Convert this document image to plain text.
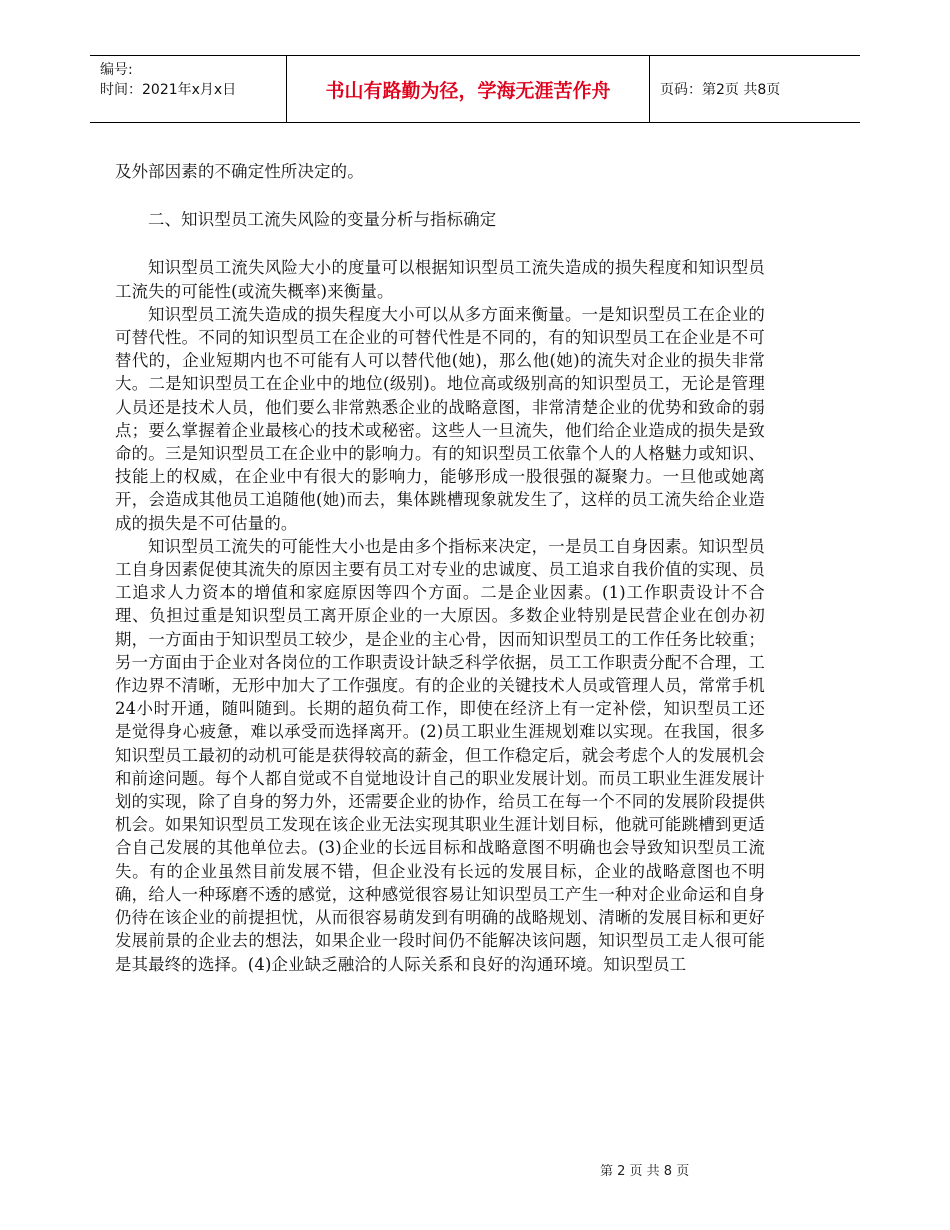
编号:
时间：2021年x月x日	书山有路勤为径，学海无涯苦作舟	页码：第2页 共8页

及外部因素的不确定性所决定的。

二、知识型员工流失风险的变量分析与指标确定

知识型员工流失风险大小的度量可以根据知识型员工流失造成的损失程度和知识型员工流失的可能性(或流失概率)来衡量。

知识型员工流失造成的损失程度大小可以从多方面来衡量。一是知识型员工在企业的可替代性。不同的知识型员工在企业的可替代性是不同的，有的知识型员工在企业是不可替代的，企业短期内也不可能有人可以替代他(她)，那么他(她)的流失对企业的损失非常大。二是知识型员工在企业中的地位(级别)。地位高或级别高的知识型员工，无论是管理人员还是技术人员，他们要么非常熟悉企业的战略意图，非常清楚企业的优势和致命的弱点；要么掌握着企业最核心的技术或秘密。这些人一旦流失，他们给企业造成的损失是致命的。三是知识型员工在企业中的影响力。有的知识型员工依靠个人的人格魅力或知识、技能上的权威，在企业中有很大的影响力，能够形成一股很强的凝聚力。一旦他或她离开，会造成其他员工追随他(她)而去，集体跳槽现象就发生了，这样的员工流失给企业造成的损失是不可估量的。

知识型员工流失的可能性大小也是由多个指标来决定，一是员工自身因素。知识型员工自身因素促使其流失的原因主要有员工对专业的忠诚度、员工追求自我价值的实现、员工追求人力资本的增值和家庭原因等四个方面。二是企业因素。(1)工作职责设计不合理、负担过重是知识型员工离开原企业的一大原因。多数企业特别是民营企业在创办初期，一方面由于知识型员工较少，是企业的主心骨，因而知识型员工的工作任务比较重；另一方面由于企业对各岗位的工作职责设计缺乏科学依据，员工工作职责分配不合理，工作边界不清晰，无形中加大了工作强度。有的企业的关键技术人员或管理人员，常常手机24小时开通，随叫随到。长期的超负荷工作，即使在经济上有一定补偿，知识型员工还是觉得身心疲惫，难以承受而选择离开。(2)员工职业生涯规划难以实现。在我国，很多知识型员工最初的动机可能是获得较高的薪金，但工作稳定后，就会考虑个人的发展机会和前途问题。每个人都自觉或不自觉地设计自己的职业发展计划。而员工职业生涯发展计划的实现，除了自身的努力外，还需要企业的协作，给员工在每一个不同的发展阶段提供机会。如果知识型员工发现在该企业无法实现其职业生涯计划目标，他就可能跳槽到更适合自己发展的其他单位去。(3)企业的长远目标和战略意图不明确也会导致知识型员工流失。有的企业虽然目前发展不错，但企业没有长远的发展目标，企业的战略意图也不明确，给人一种琢磨不透的感觉，这种感觉很容易让知识型员工产生一种对企业命运和自身仍待在该企业的前提担忧，从而很容易萌发到有明确的战略规划、清晰的发展目标和更好发展前景的企业去的想法，如果企业一段时间仍不能解决该问题，知识型员工走人很可能是其最终的选择。(4)企业缺乏融洽的人际关系和良好的沟通环境。知识型员工

第 2 页 共 8 页
